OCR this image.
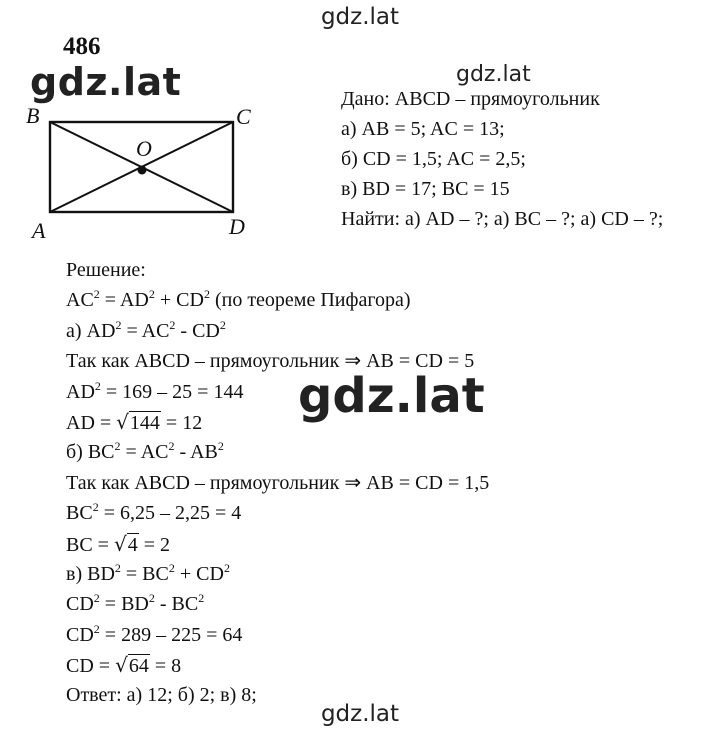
gdz.lat
gdz.lat
gdz.lat
gdz.lat
gdz.lat
486
B	C
A	D
O
Дано: ABCD – прямоугольник
а) AB = 5; AC = 13;
б) CD = 1,5; AC = 2,5;
в) BD = 17; BC = 15
Найти: а) AD – ?; а) BC – ?; а) CD – ?;
Решение:
$AC^2 = AD^2 + CD^2$ (по теореме Пифагора)
а) $AD^2 = AC^2 - CD^2$
Так как ABCD – прямоугольник ⇒ AB = CD = 5
$AD^2 = 169 - 25 = 144$
AD = √144 = 12
б) $BC^2 = AC^2 - AB^2$
Так как ABCD – прямоугольник ⇒ AB = CD = 1,5
$BC^2 = 6,25 - 2,25 = 4$
BC = √4 = 2
в) $BD^2 = BC^2 + CD^2$
$CD^2 = BD^2 - BC^2$
$CD^2 = 289 - 225 = 64$
CD = √64 = 8
Ответ: а) 12; б) 2; в) 8;
